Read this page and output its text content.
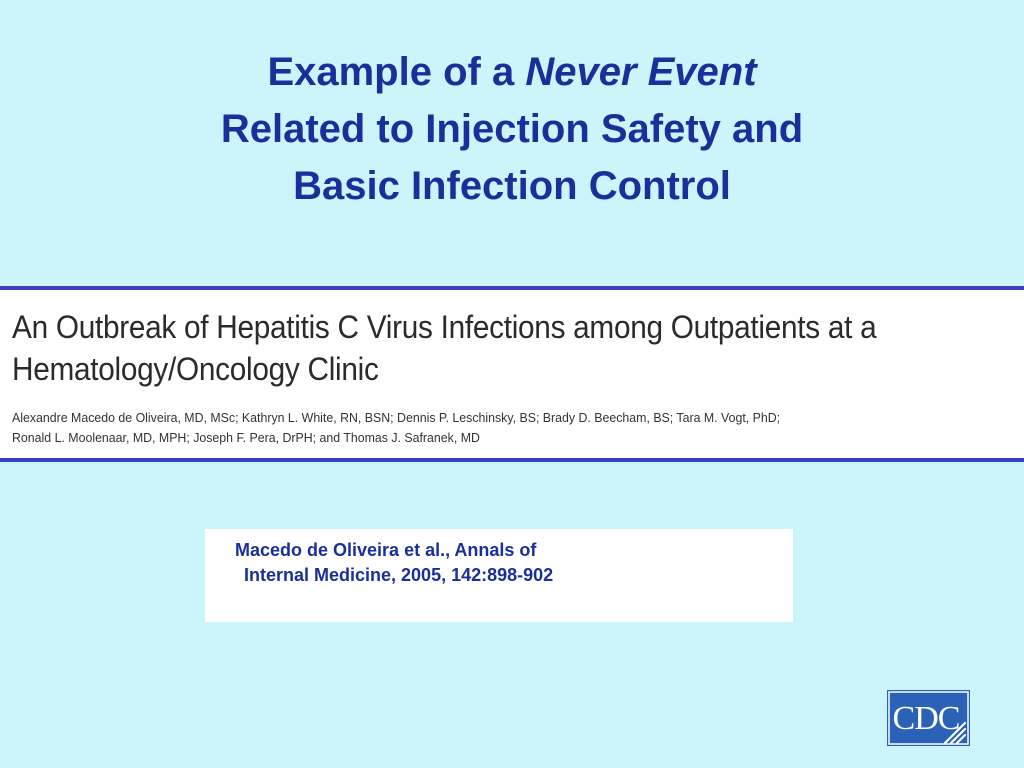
Example of a Never Event
Related to Injection Safety and
Basic Infection Control
An Outbreak of Hepatitis C Virus Infections among Outpatients at a
Hematology/Oncology Clinic
Alexandre Macedo de Oliveira, MD, MSc; Kathryn L. White, RN, BSN; Dennis P. Leschinsky, BS; Brady D. Beecham, BS; Tara M. Vogt, PhD;
Ronald L. Moolenaar, MD, MPH; Joseph F. Pera, DrPH; and Thomas J. Safranek, MD
Macedo de Oliveira et al., Annals of
Internal Medicine, 2005, 142:898-902
CDC
